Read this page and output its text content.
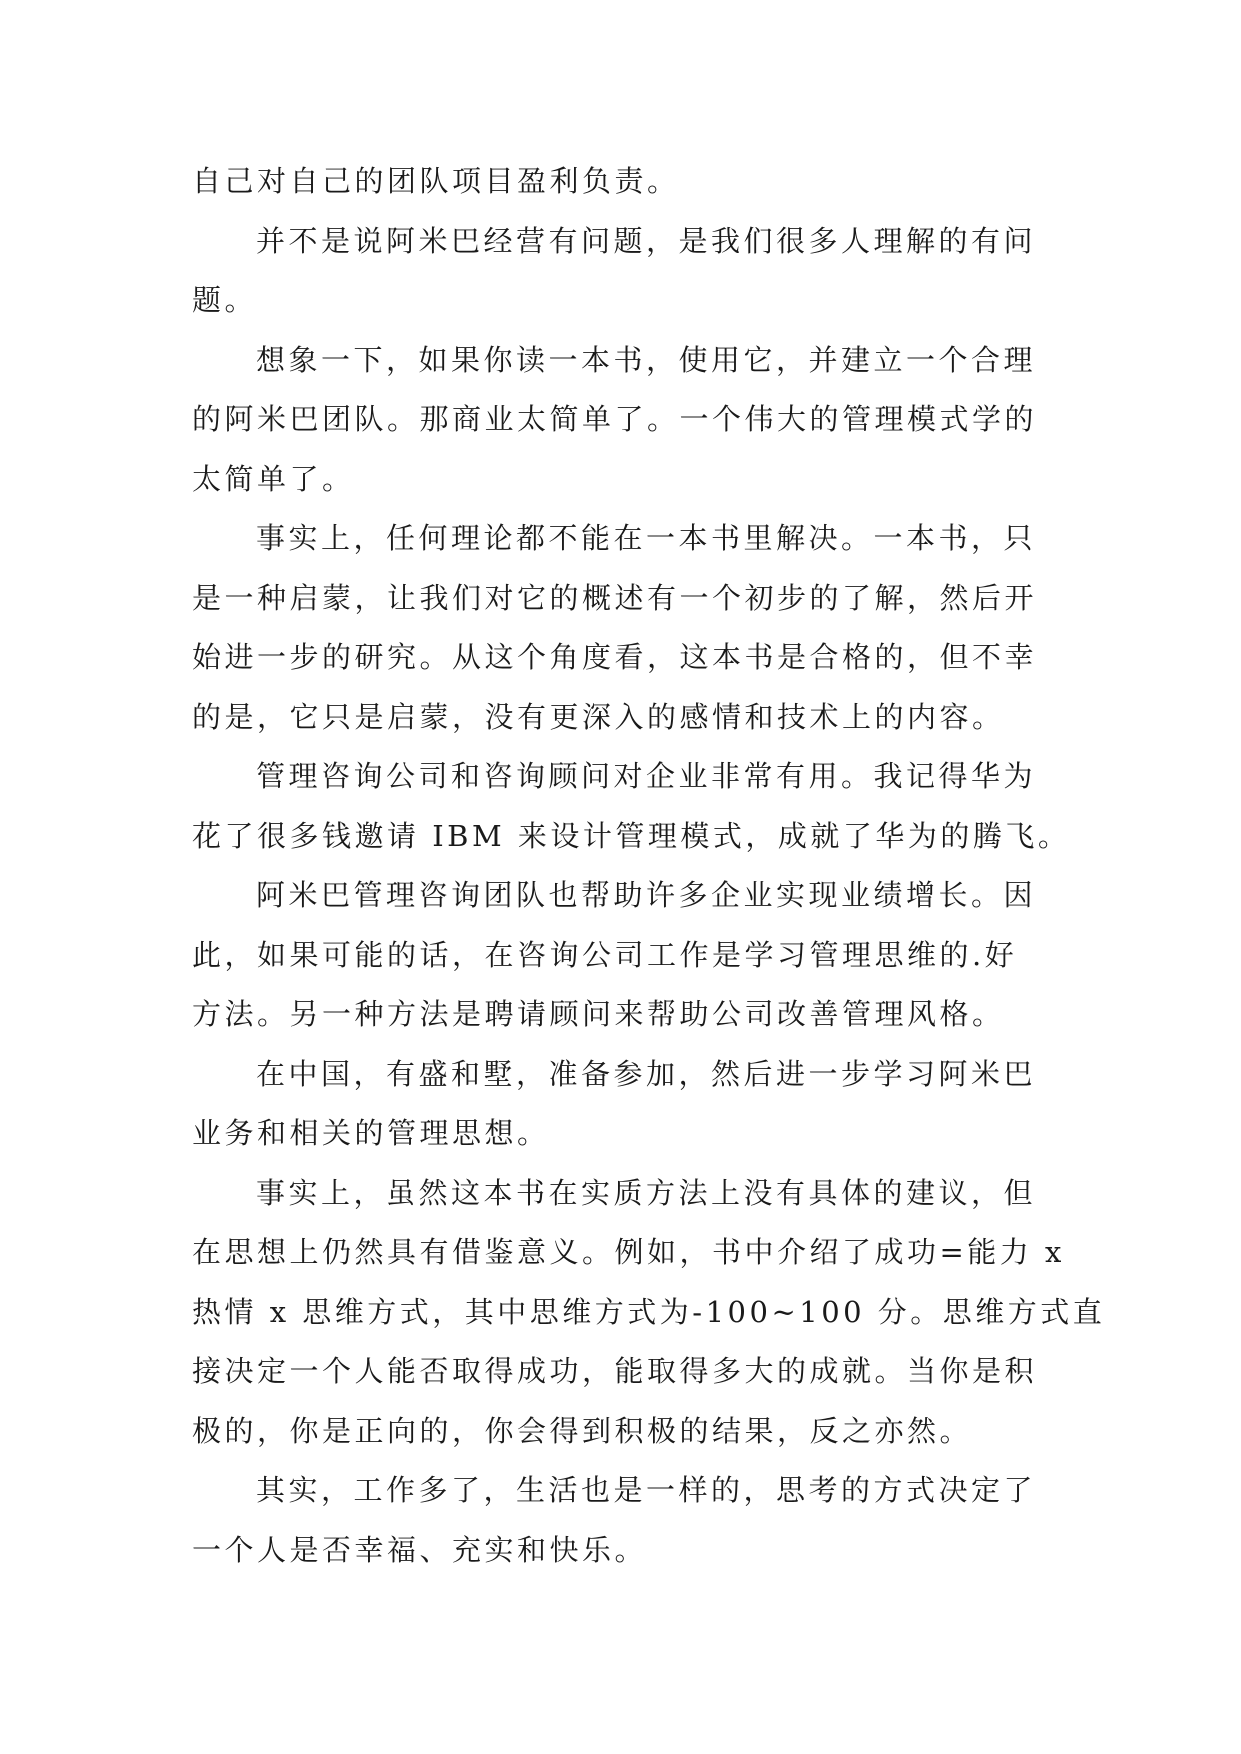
自己对自己的团队项目盈利负责。
并不是说阿米巴经营有问题，是我们很多人理解的有问
题。
想象一下，如果你读一本书，使用它，并建立一个合理
的阿米巴团队。那商业太简单了。一个伟大的管理模式学的
太简单了。
事实上，任何理论都不能在一本书里解决。一本书，只
是一种启蒙，让我们对它的概述有一个初步的了解，然后开
始进一步的研究。从这个角度看，这本书是合格的，但不幸
的是，它只是启蒙，没有更深入的感情和技术上的内容。
管理咨询公司和咨询顾问对企业非常有用。我记得华为
花了很多钱邀请 IBM 来设计管理模式，成就了华为的腾飞。
阿米巴管理咨询团队也帮助许多企业实现业绩增长。因
此，如果可能的话，在咨询公司工作是学习管理思维的.好
方法。另一种方法是聘请顾问来帮助公司改善管理风格。
在中国，有盛和墅，准备参加，然后进一步学习阿米巴
业务和相关的管理思想。
事实上，虽然这本书在实质方法上没有具体的建议，但
在思想上仍然具有借鉴意义。例如，书中介绍了成功=能力 x
热情 x 思维方式，其中思维方式为-100~100 分。思维方式直
接决定一个人能否取得成功，能取得多大的成就。当你是积
极的，你是正向的，你会得到积极的结果，反之亦然。
其实，工作多了，生活也是一样的，思考的方式决定了
一个人是否幸福、充实和快乐。
